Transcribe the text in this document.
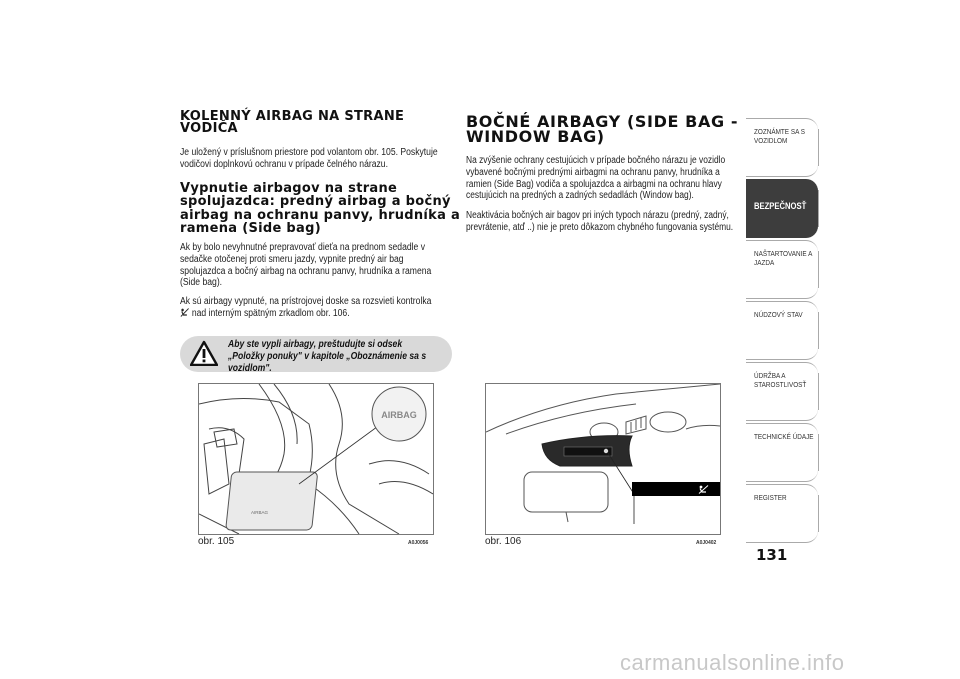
KOLENNÝ AIRBAG NA STRANE VODIČA
Je uložený v príslušnom priestore pod volantom obr. 105. Poskytuje vodičovi doplnkovú ochranu v prípade čelného nárazu.
Vypnutie airbagov na strane spolujazdca: predný airbag a bočný airbag na ochranu panvy, hrudníka a ramena (Side bag)
Ak by bolo nevyhnutné prepravovať dieťa na prednom sedadle v sedačke otočenej proti smeru jazdy, vypnite predný air bag spolujazdca a bočný airbag na ochranu panvy, hrudníka a ramena (Side bag).
Ak sú airbagy vypnuté, na prístrojovej doske sa rozsvieti kontrolka
nad interným spätným zrkadlom obr. 106.
Aby ste vypli airbagy, preštudujte si odsek „Položky ponuky" v kapitole „Oboznámenie sa s vozidlom".
AIRBAG
AIRBAG
obr. 105	A0J0056
BOČNÉ AIRBAGY (SIDE BAG - WINDOW BAG)
Na zvýšenie ochrany cestujúcich v prípade bočného nárazu je vozidlo vybavené bočnými prednými airbagmi na ochranu panvy, hrudníka a ramien (Side Bag) vodiča a spolujazdca a airbagmi na ochranu hlavy cestujúcich na predných a zadných sedadlách (Window bag).
Neaktivácia bočných air bagov pri iných typoch nárazu (predný, zadný, prevrátenie, atď ..) nie je preto dôkazom chybného fungovania systému.
obr. 106	A0J0402
ZOZNÁMTE SA S VOZIDLOM
BEZPEČNOSŤ
NAŠTARTOVANIE A JAZDA
NÚDZOVÝ STAV
ÚDRŽBA A STAROSTLIVOSŤ
TECHNICKÉ ÚDAJE
REGISTER
131
carmanualsonline.info
